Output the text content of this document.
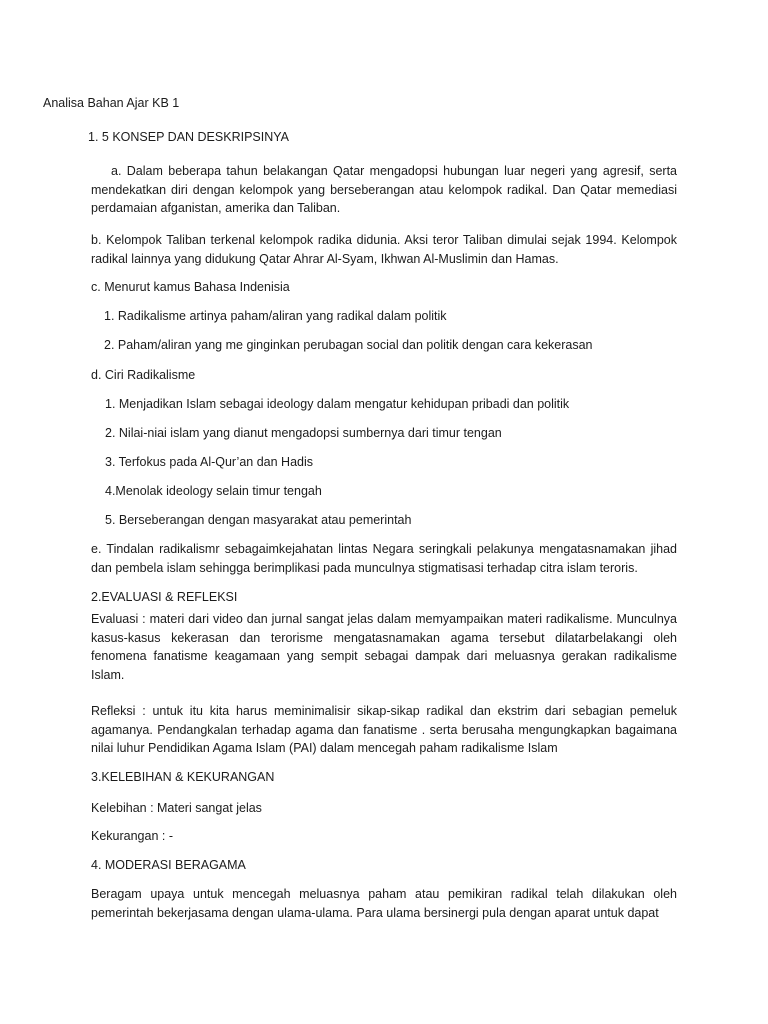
Analisa Bahan Ajar KB 1
1. 5 KONSEP DAN DESKRIPSINYA
a. Dalam beberapa tahun belakangan Qatar mengadopsi hubungan luar negeri yang agresif, serta mendekatkan diri dengan kelompok yang berseberangan atau kelompok radikal. Dan Qatar memediasi perdamaian afganistan, amerika dan Taliban.
b. Kelompok Taliban terkenal kelompok radika didunia. Aksi teror Taliban dimulai sejak 1994. Kelompok radikal lainnya yang didukung Qatar Ahrar Al-Syam, Ikhwan Al-Muslimin dan Hamas.
c. Menurut kamus Bahasa Indenisia
1. Radikalisme artinya paham/aliran yang radikal dalam politik
2. Paham/aliran yang me ginginkan perubagan social dan politik dengan cara kekerasan
d. Ciri Radikalisme
1. Menjadikan Islam sebagai ideology dalam mengatur kehidupan pribadi dan politik
2. Nilai-niai islam yang dianut mengadopsi sumbernya dari timur tengan
3. Terfokus pada Al-Qur’an dan Hadis
4.Menolak ideology selain timur tengah
5. Berseberangan dengan masyarakat atau pemerintah
e. Tindalan radikalismr sebagaimkejahatan lintas Negara seringkali pelakunya mengatasnamakan jihad dan pembela islam sehingga berimplikasi pada munculnya stigmatisasi terhadap citra islam teroris.
2.EVALUASI & REFLEKSI
Evaluasi : materi dari video dan jurnal sangat jelas dalam memyampaikan materi radikalisme. Munculnya kasus-kasus kekerasan dan terorisme mengatasnamakan agama tersebut dilatarbelakangi oleh fenomena fanatisme keagamaan yang sempit sebagai dampak dari meluasnya gerakan radikalisme Islam.
Refleksi : untuk itu kita harus meminimalisir sikap-sikap radikal dan ekstrim dari sebagian pemeluk agamanya. Pendangkalan terhadap agama dan fanatisme . serta berusaha mengungkapkan bagaimana nilai luhur Pendidikan Agama Islam (PAI) dalam mencegah paham radikalisme Islam
3.KELEBIHAN & KEKURANGAN
Kelebihan : Materi sangat jelas
Kekurangan : -
4. MODERASI BERAGAMA
Beragam upaya untuk mencegah meluasnya paham atau pemikiran radikal telah dilakukan oleh pemerintah bekerjasama dengan ulama-ulama. Para ulama bersinergi pula dengan aparat untuk dapat
